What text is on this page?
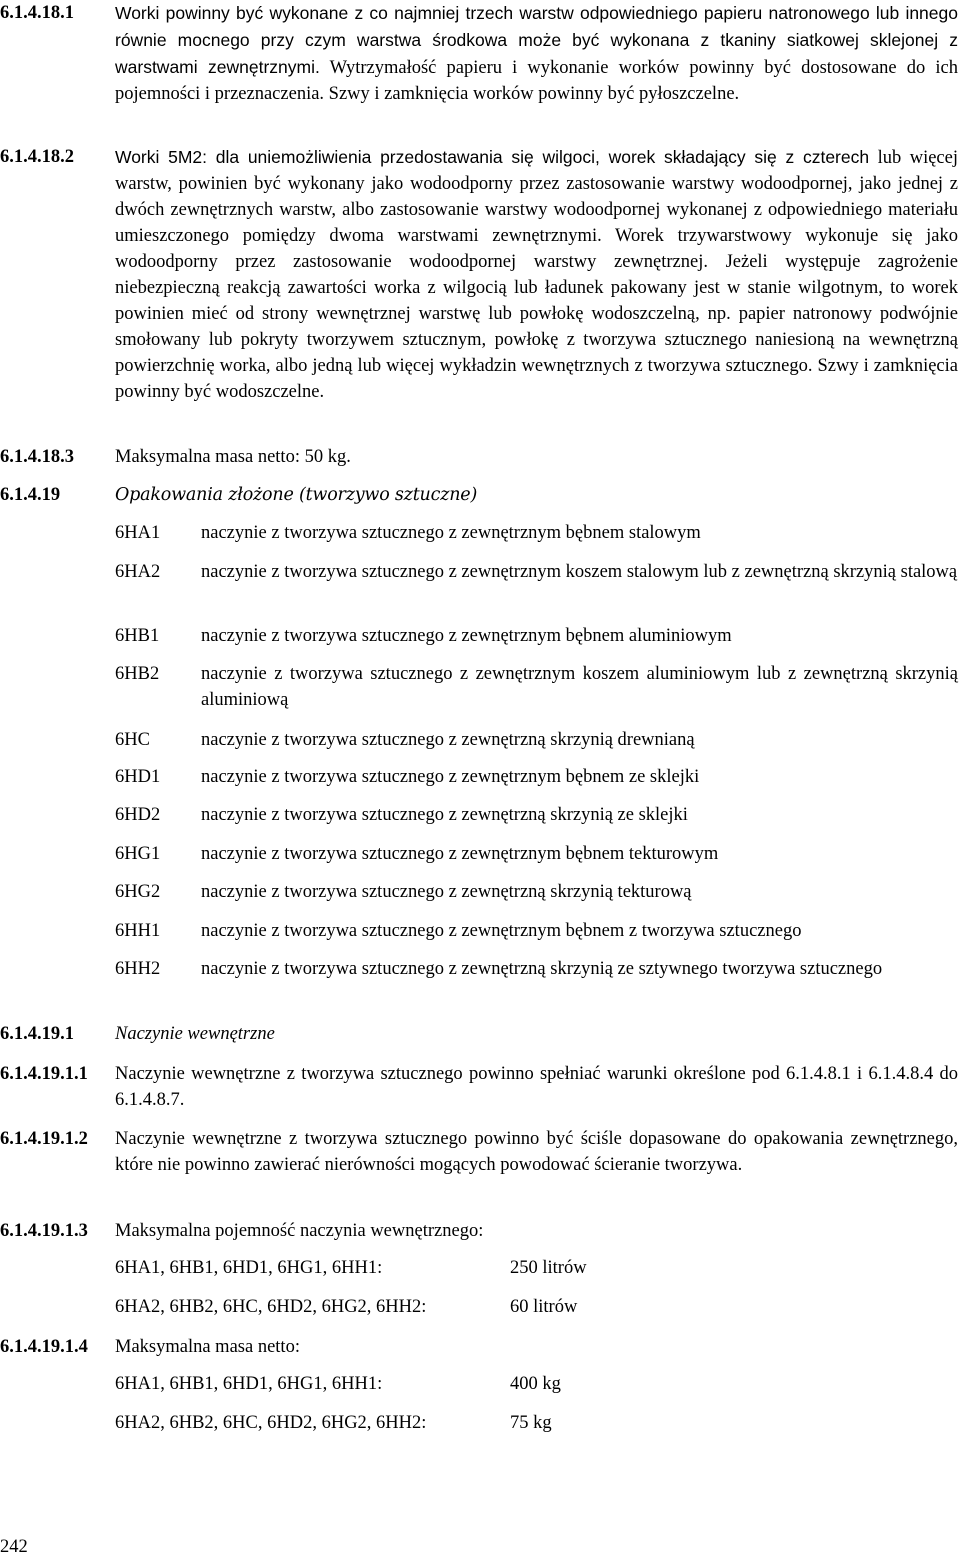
6.1.4.18.1 Worki powinny być wykonane z co najmniej trzech warstw odpowiedniego papieru natronowego lub innego równie mocnego przy czym warstwa środkowa może być wykonana z tkaniny siatkowej sklejonej z warstwami zewnętrznymi. Wytrzymałość papieru i wykonanie worków powinny być dostosowane do ich pojemności i przeznaczenia. Szwy i zamknięcia worków powinny być pyłoszczelne.
6.1.4.18.2 Worki 5M2: dla uniemożliwienia przedostawania się wilgoci, worek składający się z czterech lub więcej warstw, powinien być wykonany jako wodoodporny przez zastosowanie warstwy wodoodpornej, jako jednej z dwóch zewnętrznych warstw, albo zastosowanie warstwy wodoodpornej wykonanej z odpowiedniego materiału umieszczonego pomiędzy dwoma warstwami zewnętrznymi. Worek trzywarstwowy wykonuje się jako wodoodporny przez zastosowanie wodoodpornej warstwy zewnętrznej. Jeżeli występuje zagrożenie niebezpieczną reakcją zawartości worka z wilgocią lub ładunek pakowany jest w stanie wilgotnym, to worek powinien mieć od strony wewnętrznej warstwę lub powłokę wodoszczelną, np. papier natronowy podwójnie smołowany lub pokryty tworzywem sztucznym, powłokę z tworzywa sztucznego naniesioną na wewnętrzną powierzchnię worka, albo jedną lub więcej wykładzin wewnętrznych z tworzywa sztucznego. Szwy i zamknięcia powinny być wodoszczelne.
6.1.4.18.3 Maksymalna masa netto: 50 kg.
6.1.4.19	Opakowania złożone (tworzywo sztuczne)
6HA1 naczynie z tworzywa sztucznego z zewnętrznym bębnem stalowym
6HA2 naczynie z tworzywa sztucznego z zewnętrznym koszem stalowym lub z zewnętrzną skrzynią stalową
6HB1 naczynie z tworzywa sztucznego z zewnętrznym bębnem aluminiowym
6HB2 naczynie z tworzywa sztucznego z zewnętrznym koszem aluminiowym lub z zewnętrzną skrzynią aluminiową
6HC	naczynie z tworzywa sztucznego z zewnętrzną skrzynią drewnianą
6HD1 naczynie z tworzywa sztucznego z zewnętrznym bębnem ze sklejki
6HD2 naczynie z tworzywa sztucznego z zewnętrzną skrzynią ze sklejki
6HG1 naczynie z tworzywa sztucznego z zewnętrznym bębnem tekturowym
6HG2 naczynie z tworzywa sztucznego z zewnętrzną skrzynią tekturową
6HH1 naczynie z tworzywa sztucznego z zewnętrznym bębnem z tworzywa sztucznego
6HH2 naczynie z tworzywa sztucznego z zewnętrzną skrzynią ze sztywnego tworzywa sztucznego
6.1.4.19.1 Naczynie wewnętrzne
6.1.4.19.1.1 Naczynie wewnętrzne z tworzywa sztucznego powinno spełniać warunki określone pod 6.1.4.8.1 i 6.1.4.8.4 do 6.1.4.8.7.
6.1.4.19.1.2 Naczynie wewnętrzne z tworzywa sztucznego powinno być ściśle dopasowane do opakowania zewnętrznego, które nie powinno zawierać nierówności mogących powodować ścieranie tworzywa.
6.1.4.19.1.3 Maksymalna pojemność naczynia wewnętrznego:
6HA1, 6HB1, 6HD1, 6HG1, 6HH1:	250 litrów
6HA2, 6HB2, 6HC, 6HD2, 6HG2, 6HH2:	60 litrów
6.1.4.19.1.4 Maksymalna masa netto:
6HA1, 6HB1, 6HD1, 6HG1, 6HH1:	400 kg
6HA2, 6HB2, 6HC, 6HD2, 6HG2, 6HH2:	75 kg
242
